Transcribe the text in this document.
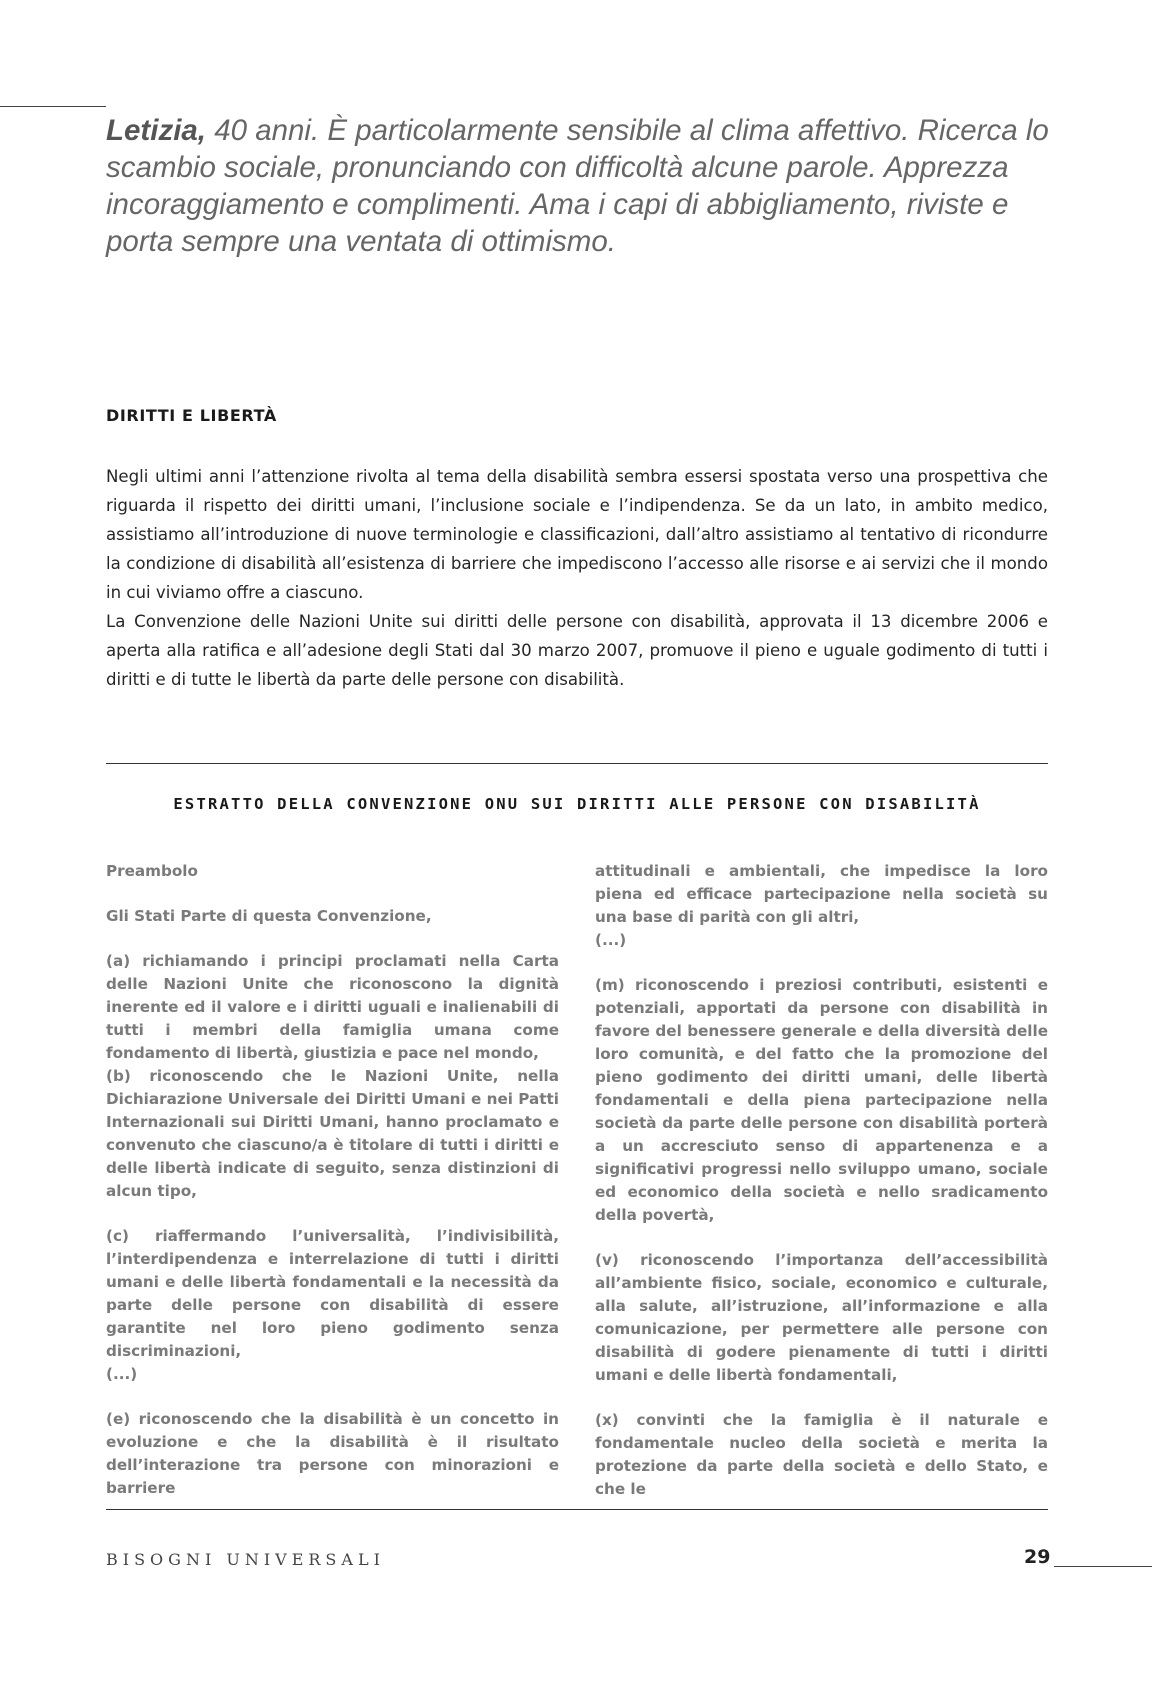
Letizia, 40 anni. È particolarmente sensibile al clima affettivo. Ricerca lo scambio sociale, pronunciando con difficoltà alcune parole. Apprezza incoraggiamento e complimenti. Ama i capi di abbigliamento, riviste e porta sempre una ventata di ottimismo.
DIRITTI E LIBERTÀ

Negli ultimi anni l’attenzione rivolta al tema della disabilità sembra essersi spostata verso una prospettiva che riguarda il rispetto dei diritti umani, l’inclusione sociale e l’indipendenza. Se da un lato, in ambito medico, assistiamo all’introduzione di nuove terminologie e classificazioni, dall’altro assistiamo al tentativo di ricondurre la condizione di disabilità all’esistenza di barriere che impediscono l’accesso alle risorse e ai servizi che il mondo in cui viviamo offre a ciascuno.

La Convenzione delle Nazioni Unite sui diritti delle persone con disabilità, approvata il 13 dicembre 2006 e aperta alla ratifica e all’adesione degli Stati dal 30 marzo 2007, promuove il pieno e uguale godimento di tutti i diritti e di tutte le libertà da parte delle persone con disabilità.

ESTRATTO DELLA CONVENZIONE ONU SUI DIRITTI ALLE PERSONE CON DISABILITÀ

Preambolo

Gli Stati Parte di questa Convenzione,

(a) richiamando i principi proclamati nella Carta delle Nazioni Unite che riconoscono la dignità inerente ed il valore e i diritti uguali e inalienabili di tutti i membri della famiglia umana come fondamento di libertà, giustizia e pace nel mondo,

(b) riconoscendo che le Nazioni Unite, nella Dichiarazione Universale dei Diritti Umani e nei Patti Internazionali sui Diritti Umani, hanno proclamato e convenuto che ciascuno/a è titolare di tutti i diritti e delle libertà indicate di seguito, senza distinzioni di alcun tipo,

(c) riaffermando l’universalità, l’indivisibilità, l’interdipendenza e interrelazione di tutti i diritti umani e delle libertà fondamentali e la necessità da parte delle persone con disabilità di essere garantite nel loro pieno godimento senza discriminazioni,

(...)

(e) riconoscendo che la disabilità è un concetto in evoluzione e che la disabilità è il risultato dell’interazione tra persone con minorazioni e barriere

attitudinali e ambientali, che impedisce la loro piena ed efficace partecipazione nella società su una base di parità con gli altri,

(...)

(m) riconoscendo i preziosi contributi, esistenti e potenziali, apportati da persone con disabilità in favore del benessere generale e della diversità delle loro comunità, e del fatto che la promozione del pieno godimento dei diritti umani, delle libertà fondamentali e della piena partecipazione nella società da parte delle persone con disabilità porterà a un accresciuto senso di appartenenza e a significativi progressi nello sviluppo umano, sociale ed economico della società e nello sradicamento della povertà,

(v) riconoscendo l’importanza dell’accessibilità all’ambiente fisico, sociale, economico e culturale, alla salute, all’istruzione, all’informazione e alla comunicazione, per permettere alle persone con disabilità di godere pienamente di tutti i diritti umani e delle libertà fondamentali,

(x) convinti che la famiglia è il naturale e fondamentale nucleo della società e merita la protezione da parte della società e dello Stato, e che le

BISOGNI UNIVERSALI	29
